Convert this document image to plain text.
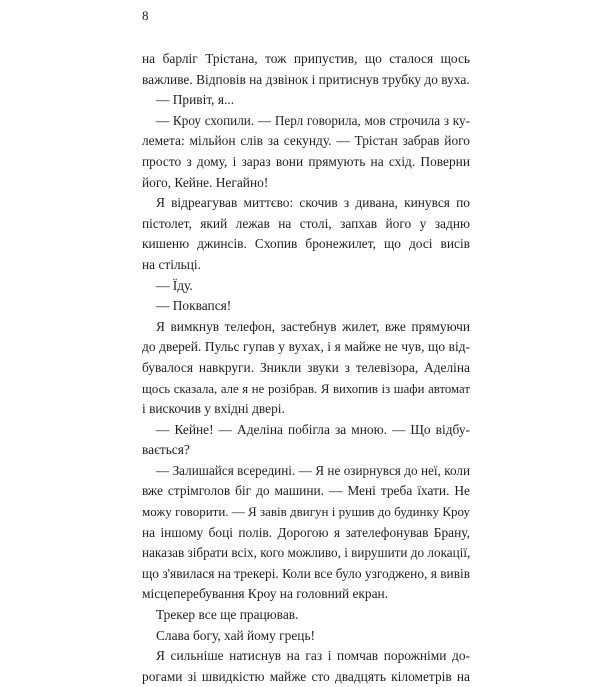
8
на барліг Трістана, тож припустив, що сталося щось
важливе. Відповів на дзвінок і притиснув трубку до вуха.
— Привіт, я...
— Кроу схопили. — Перл говорила, мов строчила з ку-
лемета: мільйон слів за секунду. — Трістан забрав його
просто з дому, і зараз вони прямують на схід. Поверни
його, Кейне. Негайно!
Я відреагував миттєво: скочив з дивана, кинувся по
пістолет, який лежав на столі, запхав його у задню
кишеню джинсів. Схопив бронежилет, що досі висів
на стільці.
— Їду.
— Поквапся!
Я вимкнув телефон, застебнув жилет, вже прямуючи
до дверей. Пульс гупав у вухах, і я майже не чув, що від-
бувалося навкруги. Зникли звуки з телевізора, Аделіна
щось сказала, але я не розібрав. Я вихопив із шафи автомат
і вискочив у вхідні двері.
— Кейне! — Аделіна побігла за мною. — Що відбу-
вається?
— Залишайся всередині. — Я не озирнувся до неї, коли
вже стрімголов біг до машини. — Мені треба їхати. Не
можу говорити. — Я завів двигун і рушив до будинку Кроу
на іншому боці полів. Дорогою я зателефонував Брану,
наказав зібрати всіх, кого можливо, і вирушити до локації,
що з'явилася на трекері. Коли все було узгоджено, я вивів
місцеперебування Кроу на головний екран.
Трекер все ще працював.
Слава богу, хай йому грець!
Я сильніше натиснув на газ і помчав порожніми до-
рогами зі швидкістю майже сто двадцять кілометрів на
